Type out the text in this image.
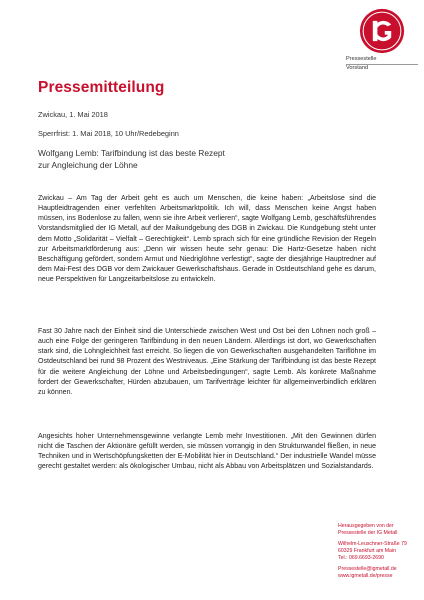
Pressestelle
Vorstand
Pressemitteilung
Zwickau, 1. Mai 2018
Sperrfrist: 1. Mai 2018, 10 Uhr/Redebeginn
Wolfgang Lemb: Tarifbindung ist das beste Rezept
zur Angleichung der Löhne
Zwickau – Am Tag der Arbeit geht es auch um Menschen, die keine haben: „Arbeitslose sind die Hauptleidtragenden einer verfehlten Arbeitsmarktpolitik. Ich will, dass Menschen keine Angst haben müssen, ins Bodenlose zu fallen, wenn sie ihre Arbeit verlieren“, sagte Wolfgang Lemb, geschäftsführendes Vorstandsmitglied der IG Metall, auf der Maikundgebung des DGB in Zwickau. Die Kundgebung steht unter dem Motto „Solidarität – Vielfalt – Gerechtigkeit“. Lemb sprach sich für eine gründliche Revision der Regeln zur Arbeitsmarktförderung aus: „Denn wir wissen heute sehr genau: Die Hartz-Gesetze haben nicht Beschäftigung gefördert, sondern Armut und Niedriglöhne verfestigt“, sagte der diesjährige Hauptredner auf dem Mai-Fest des DGB vor dem Zwickauer Gewerkschaftshaus. Gerade in Ostdeutschland gehe es darum, neue Perspektiven für Langzeitarbeitslose zu entwickeln.
Fast 30 Jahre nach der Einheit sind die Unterschiede zwischen West und Ost bei den Löhnen noch groß – auch eine Folge der geringeren Tarifbindung in den neuen Ländern. Allerdings ist dort, wo Gewerkschaften stark sind, die Lohngleichheit fast erreicht. So liegen die von Gewerkschaften ausgehandelten Tariflöhne im Ostdeutschland bei rund 98 Prozent des Westniveaus. „Eine Stärkung der Tarifbindung ist das beste Rezept für die weitere Angleichung der Löhne und Arbeitsbedingungen“, sagte Lemb. Als konkrete Maßnahme fordert der Gewerkschafter, Hürden abzubauen, um Tarifverträge leichter für allgemeinverbindlich erklären zu können.
Angesichts hoher Unternehmensgewinne verlangte Lemb mehr Investitionen. „Mit den Gewinnen dürfen nicht die Taschen der Aktionäre gefüllt werden, sie müssen vorrangig in den Strukturwandel fließen, in neue Techniken und in Wertschöpfungsketten der E-Mobilität hier in Deutschland.“ Der industrielle Wandel müsse gerecht gestaltet werden: als ökologischer Umbau, nicht als Abbau von Arbeitsplätzen und Sozialstandards.
Herausgegeben von der
Pressestelle der IG Metall
Wilhelm-Leuschner-Straße 79
60329 Frankfurt am Main
Tel.: 069.6693-2690
Pressestelle@igmetall.de
www.igmetall.de/presse
